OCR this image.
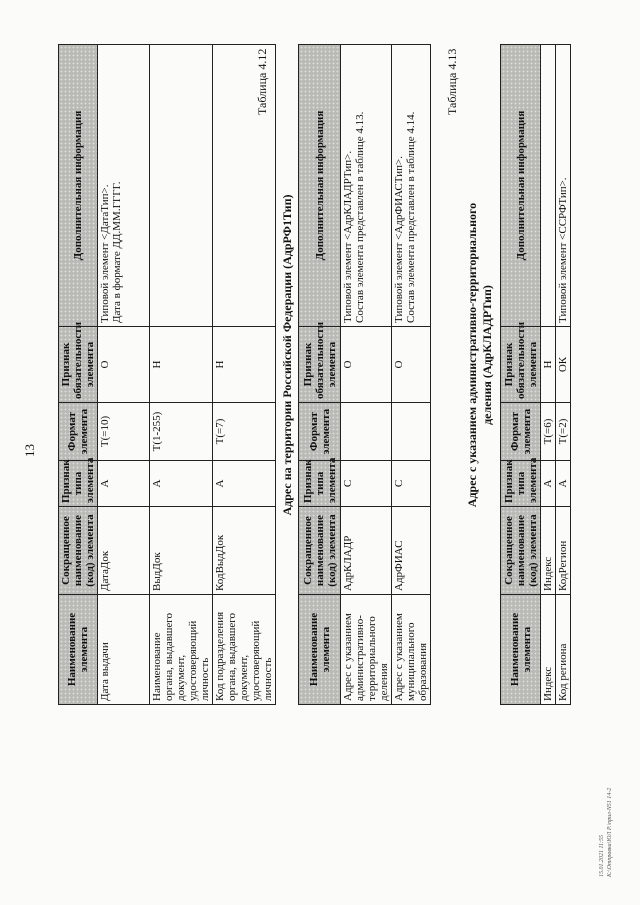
13
Наименование элемента	Сокращенное наименование (код) элемента	Признак типа элемента	Формат элемента	Признак обязательности элемента	Дополнительная информация
Дата выдачи	ДатаДок	А	T(=10)	О	Типовой элемент <ДатаТип>.
Дата в формате ДД.ММ.ГГГГ.
Наименование органа, выдавшего документ, удостоверяющий личность	ВыдДок	А	T(1-255)	Н	
Код подразделения органа, выдавшего документ, удостоверяющий личность	КодВыдДок	А	T(=7)	Н	
Таблица 4.12
Адрес на территории Российской Федерации (АдрРФ1Тип)
Наименование элемента	Сокращенное наименование (код) элемента	Признак типа элемента	Формат элемента	Признак обязательности элемента	Дополнительная информация
Адрес с указанием административно-территориального деления	АдрКЛАДР	С		О	Типовой элемент <АдрКЛАДРТип>.
Состав элемента представлен в таблице 4.13.
Адрес с указанием муниципального образования	АдрФИАС	С		О	Типовой элемент <АдрФИАСТип>.
Состав элемента представлен в таблице 4.14.
Таблица 4.13
Адрес с указанием административно-территориального деления (АдрКЛАДРТип)
Наименование элемента	Сокращенное наименование (код) элемента	Признак типа элемента	Формат элемента	Признак обязательности элемента	Дополнительная информация
Индекс	Индекс	А	T(=6)	Н	
Код региона	КодРегион	А	T(=2)	ОК	Типовой элемент <ССРФТип>.
15.01.2021 11:55 К:\Отправка\ЮЛ Р.\прил-N51 14-2
